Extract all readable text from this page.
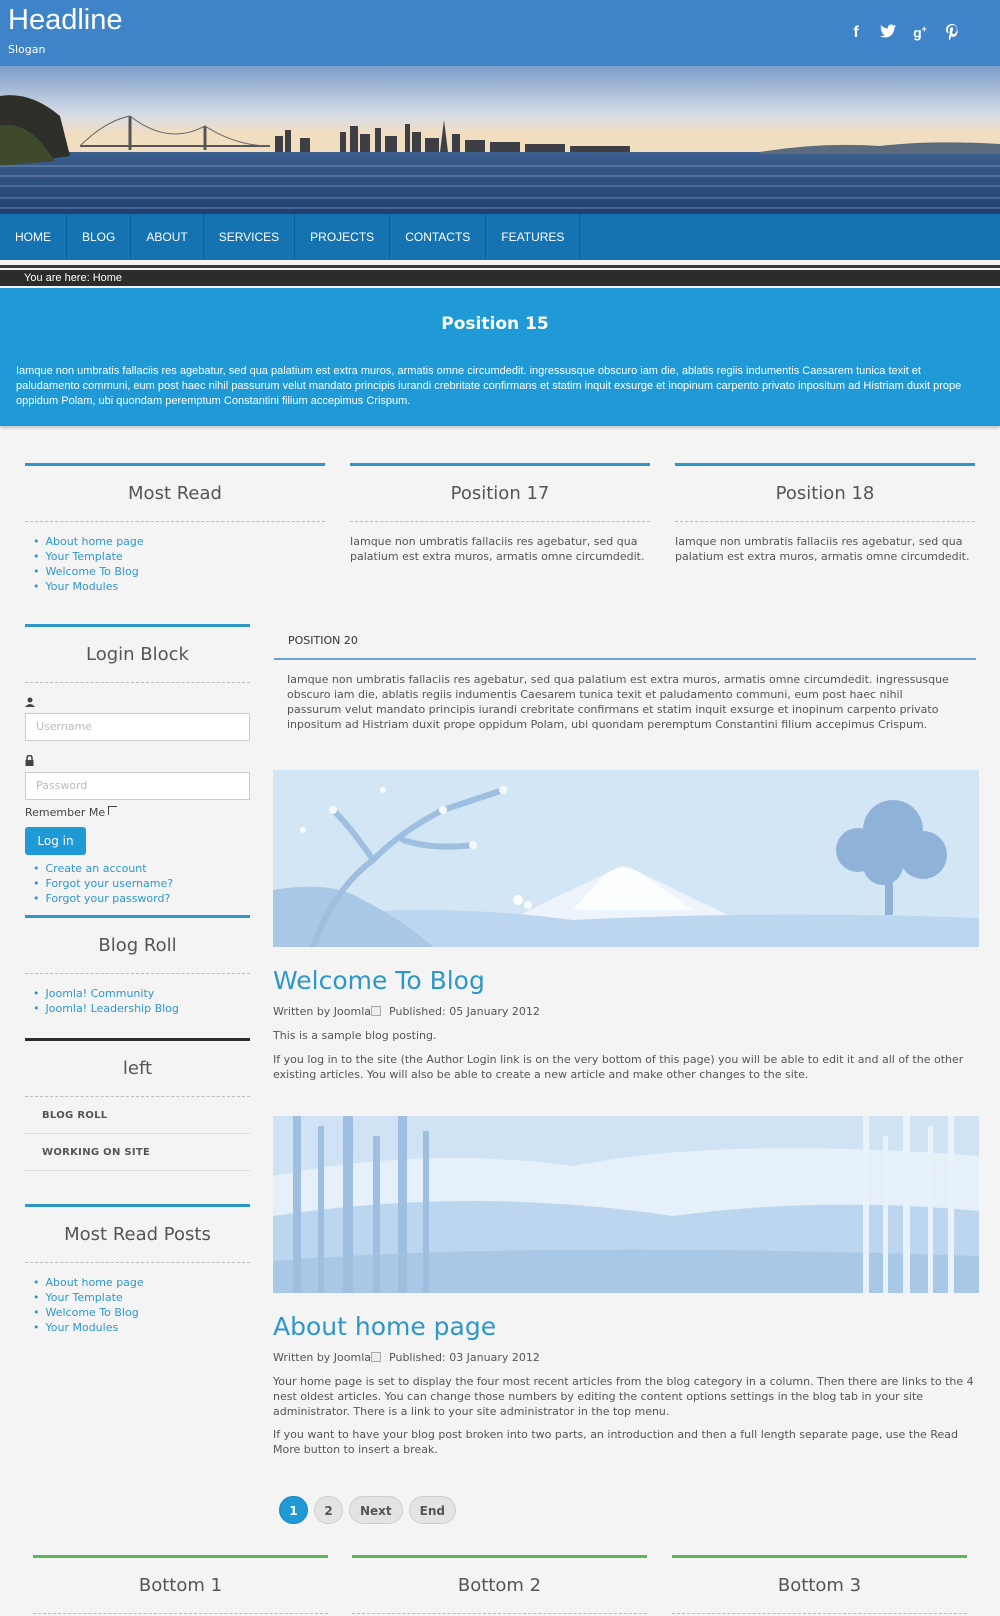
Headline
Slogan
f	g+
HOME	BLOG	ABOUT	SERVICES	PROJECTS	CONTACTS	FEATURES
You are here: Home
Position 15

Iamque non umbratis fallaciis res agebatur, sed qua palatium est extra muros, armatis omne circumdedit. ingressusque obscuro iam die, ablatis regiis indumentis Caesarem tunica texit et paludamento communi, eum post haec nihil passurum velut mandato principis iurandi crebritate confirmans et statim inquit exsurge et inopinum carpento privato inpositum ad Histriam duxit prope oppidum Polam, ubi quondam peremptum Constantini filium accepimus Crispum.

Most Read
• About home page
• Your Template
• Welcome To Blog
• Your Modules
Position 17
Iamque non umbratis fallaciis res agebatur, sed qua palatium est extra muros, armatis omne circumdedit.
Position 18
Iamque non umbratis fallaciis res agebatur, sed qua palatium est extra muros, armatis omne circumdedit.
Login Block
Username
Password
Remember Me
Log in
• Create an account
• Forgot your username?
• Forgot your password?
Blog Roll
• Joomla! Community
• Joomla! Leadership Blog
left
BLOG ROLL
WORKING ON SITE
Most Read Posts
• About home page
• Your Template
• Welcome To Blog
• Your Modules
POSITION 20
Iamque non umbratis fallaciis res agebatur, sed qua palatium est extra muros, armatis omne circumdedit. ingressusque obscuro iam die, ablatis regiis indumentis Caesarem tunica texit et paludamento communi, eum post haec nihil passurum velut mandato principis iurandi crebritate confirmans et statim inquit exsurge et inopinum carpento privato inpositum ad Histriam duxit prope oppidum Polam, ubi quondam peremptum Constantini filium accepimus Crispum.
Welcome To Blog
Written by Joomla Published: 05 January 2012

This is a sample blog posting.

If you log in to the site (the Author Login link is on the very bottom of this page) you will be able to edit it and all of the other existing articles. You will also be able to create a new article and make other changes to the site.

About home page
Written by Joomla Published: 03 January 2012

Your home page is set to display the four most recent articles from the blog category in a column. Then there are links to the 4 nest oldest articles. You can change those numbers by editing the content options settings in the blog tab in your site administrator. There is a link to your site administrator in the top menu.

If you want to have your blog post broken into two parts, an introduction and then a full length separate page, use the Read More button to insert a break.

1	2	Next	End
Bottom 1	Bottom 2	Bottom 3
